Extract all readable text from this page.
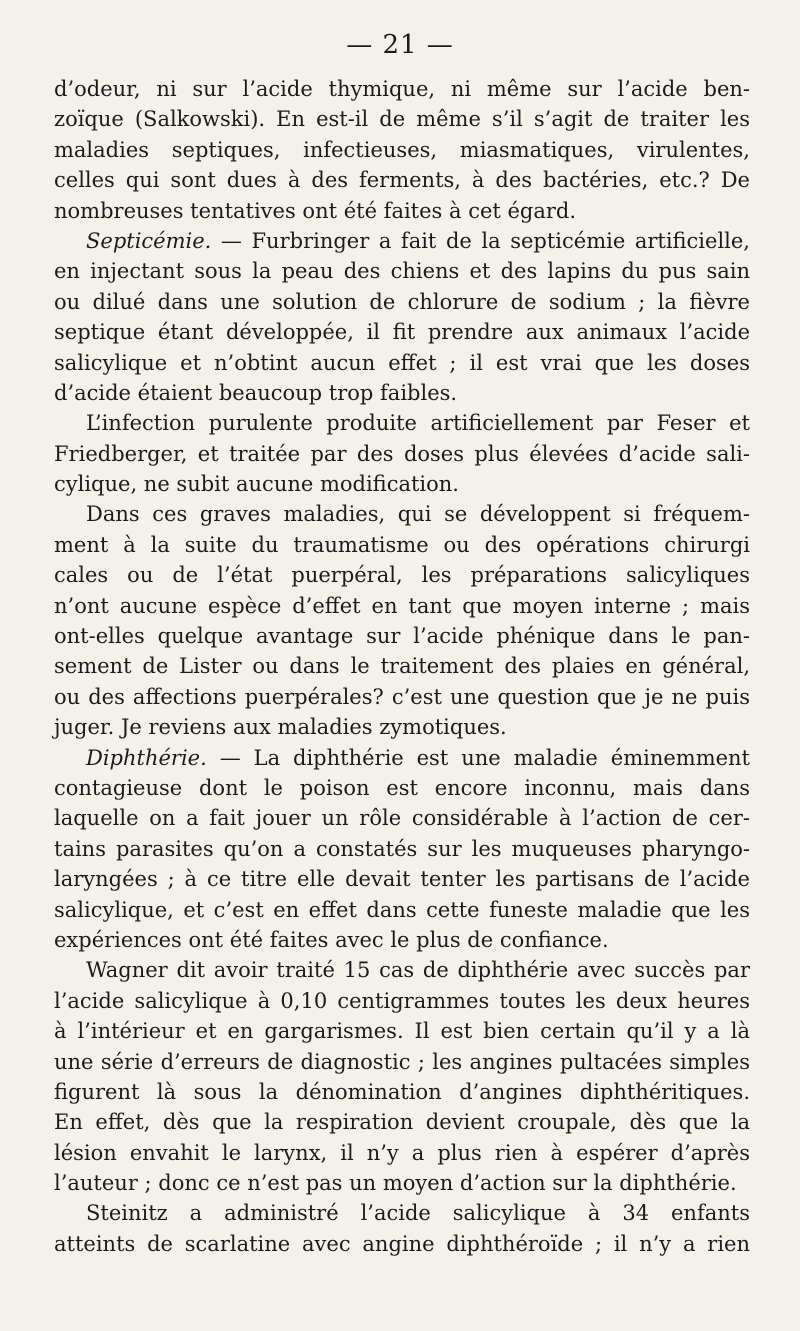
— 21 —
d’odeur, ni sur l’acide thymique, ni même sur l’acide ben-
zoïque (Salkowski). En est-il de même s’il s’agit de traiter les
maladies septiques, infectieuses, miasmatiques, virulentes,
celles qui sont dues à des ferments, à des bactéries, etc.? De
nombreuses tentatives ont été faites à cet égard.
Septicémie. — Furbringer a fait de la septicémie artificielle,
en injectant sous la peau des chiens et des lapins du pus sain
ou dilué dans une solution de chlorure de sodium ; la fièvre
septique étant développée, il fit prendre aux animaux l’acide
salicylique et n’obtint aucun effet ; il est vrai que les doses
d’acide étaient beaucoup trop faibles.
L’infection purulente produite artificiellement par Feser et
Friedberger, et traitée par des doses plus élevées d’acide sali-
cylique, ne subit aucune modification.
Dans ces graves maladies, qui se développent si fréquem-
ment à la suite du traumatisme ou des opérations chirurgi
cales ou de l’état puerpéral, les préparations salicyliques
n’ont aucune espèce d’effet en tant que moyen interne ; mais
ont-elles quelque avantage sur l’acide phénique dans le pan-
sement de Lister ou dans le traitement des plaies en général,
ou des affections puerpérales? c’est une question que je ne puis
juger. Je reviens aux maladies zymotiques.
Diphthérie. — La diphthérie est une maladie éminemment
contagieuse dont le poison est encore inconnu, mais dans
laquelle on a fait jouer un rôle considérable à l’action de cer-
tains parasites qu’on a constatés sur les muqueuses pharyngo-
laryngées ; à ce titre elle devait tenter les partisans de l’acide
salicylique, et c’est en effet dans cette funeste maladie que les
expériences ont été faites avec le plus de confiance.
Wagner dit avoir traité 15 cas de diphthérie avec succès par
l’acide salicylique à 0,10 centigrammes toutes les deux heures
à l’intérieur et en gargarismes. Il est bien certain qu’il y a là
une série d’erreurs de diagnostic ; les angines pultacées simples
figurent là sous la dénomination d’angines diphthéritiques.
En effet, dès que la respiration devient croupale, dès que la
lésion envahit le larynx, il n’y a plus rien à espérer d’après
l’auteur ; donc ce n’est pas un moyen d’action sur la diphthérie.
Steinitz a administré l’acide salicylique à 34 enfants
atteints de scarlatine avec angine diphthéroïde ; il n’y a rien
